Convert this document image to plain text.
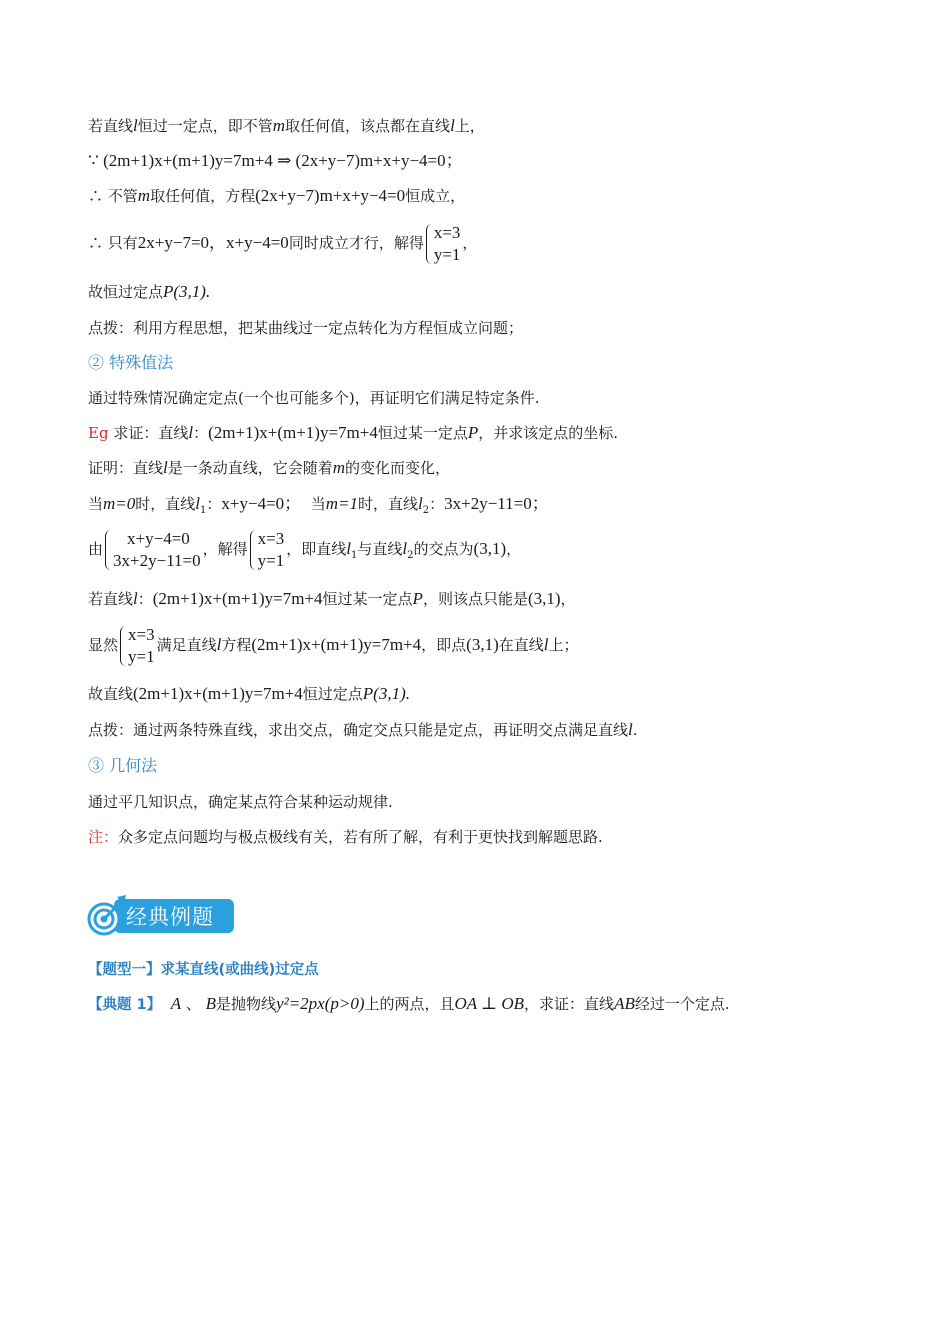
若直线l恒过一定点，即不管m取任何值，该点都在直线l上，
∵ (2m+1)x+(m+1)y=7m+4 ⇒ (2x+y−7)m+x+y−4=0；
∴ 不管m取任何值，方程(2x+y−7)m+x+y−4=0恒成立，
∴ 只有2x+y−7=0，x+y−4=0同时成立才行，解得
x=3
y=1
，
故恒过定点P(3,1).
点拨：利用方程思想，把某曲线过一定点转化为方程恒成立问题；
② 特殊值法
通过特殊情况确定定点(一个也可能多个)，再证明它们满足特定条件.
Eg 求证：直线l：(2m+1)x+(m+1)y=7m+4恒过某一定点P，并求该定点的坐标.
证明：直线l是一条动直线，它会随着m的变化而变化，
当m=0时，直线$l_1$：x+y−4=0； 当m=1时，直线$l_2$：3x+2y−11=0；
由
x+y−4=0
3x+2y−11=0
，解得
x=3
y=1
，即直线$l_1$与直线$l_2$的交点为(3,1)，
若直线l：(2m+1)x+(m+1)y=7m+4恒过某一定点P，则该点只能是(3,1)，
显然
x=3
y=1
满足直线l方程(2m+1)x+(m+1)y=7m+4，即点(3,1)在直线l上；
故直线(2m+1)x+(m+1)y=7m+4恒过定点P(3,1).
点拨：通过两条特殊直线，求出交点，确定交点只能是定点，再证明交点满足直线l.
③ 几何法
通过平几知识点，确定某点符合某种运动规律.
注：众多定点问题均与极点极线有关，若有所了解，有利于更快找到解题思路.
经典例题
【题型一】求某直线(或曲线)过定点
【典题 1】 A 、 B是抛物线y²=2px(p>0)上的两点，且OA ⊥ OB，求证：直线AB经过一个定点.
